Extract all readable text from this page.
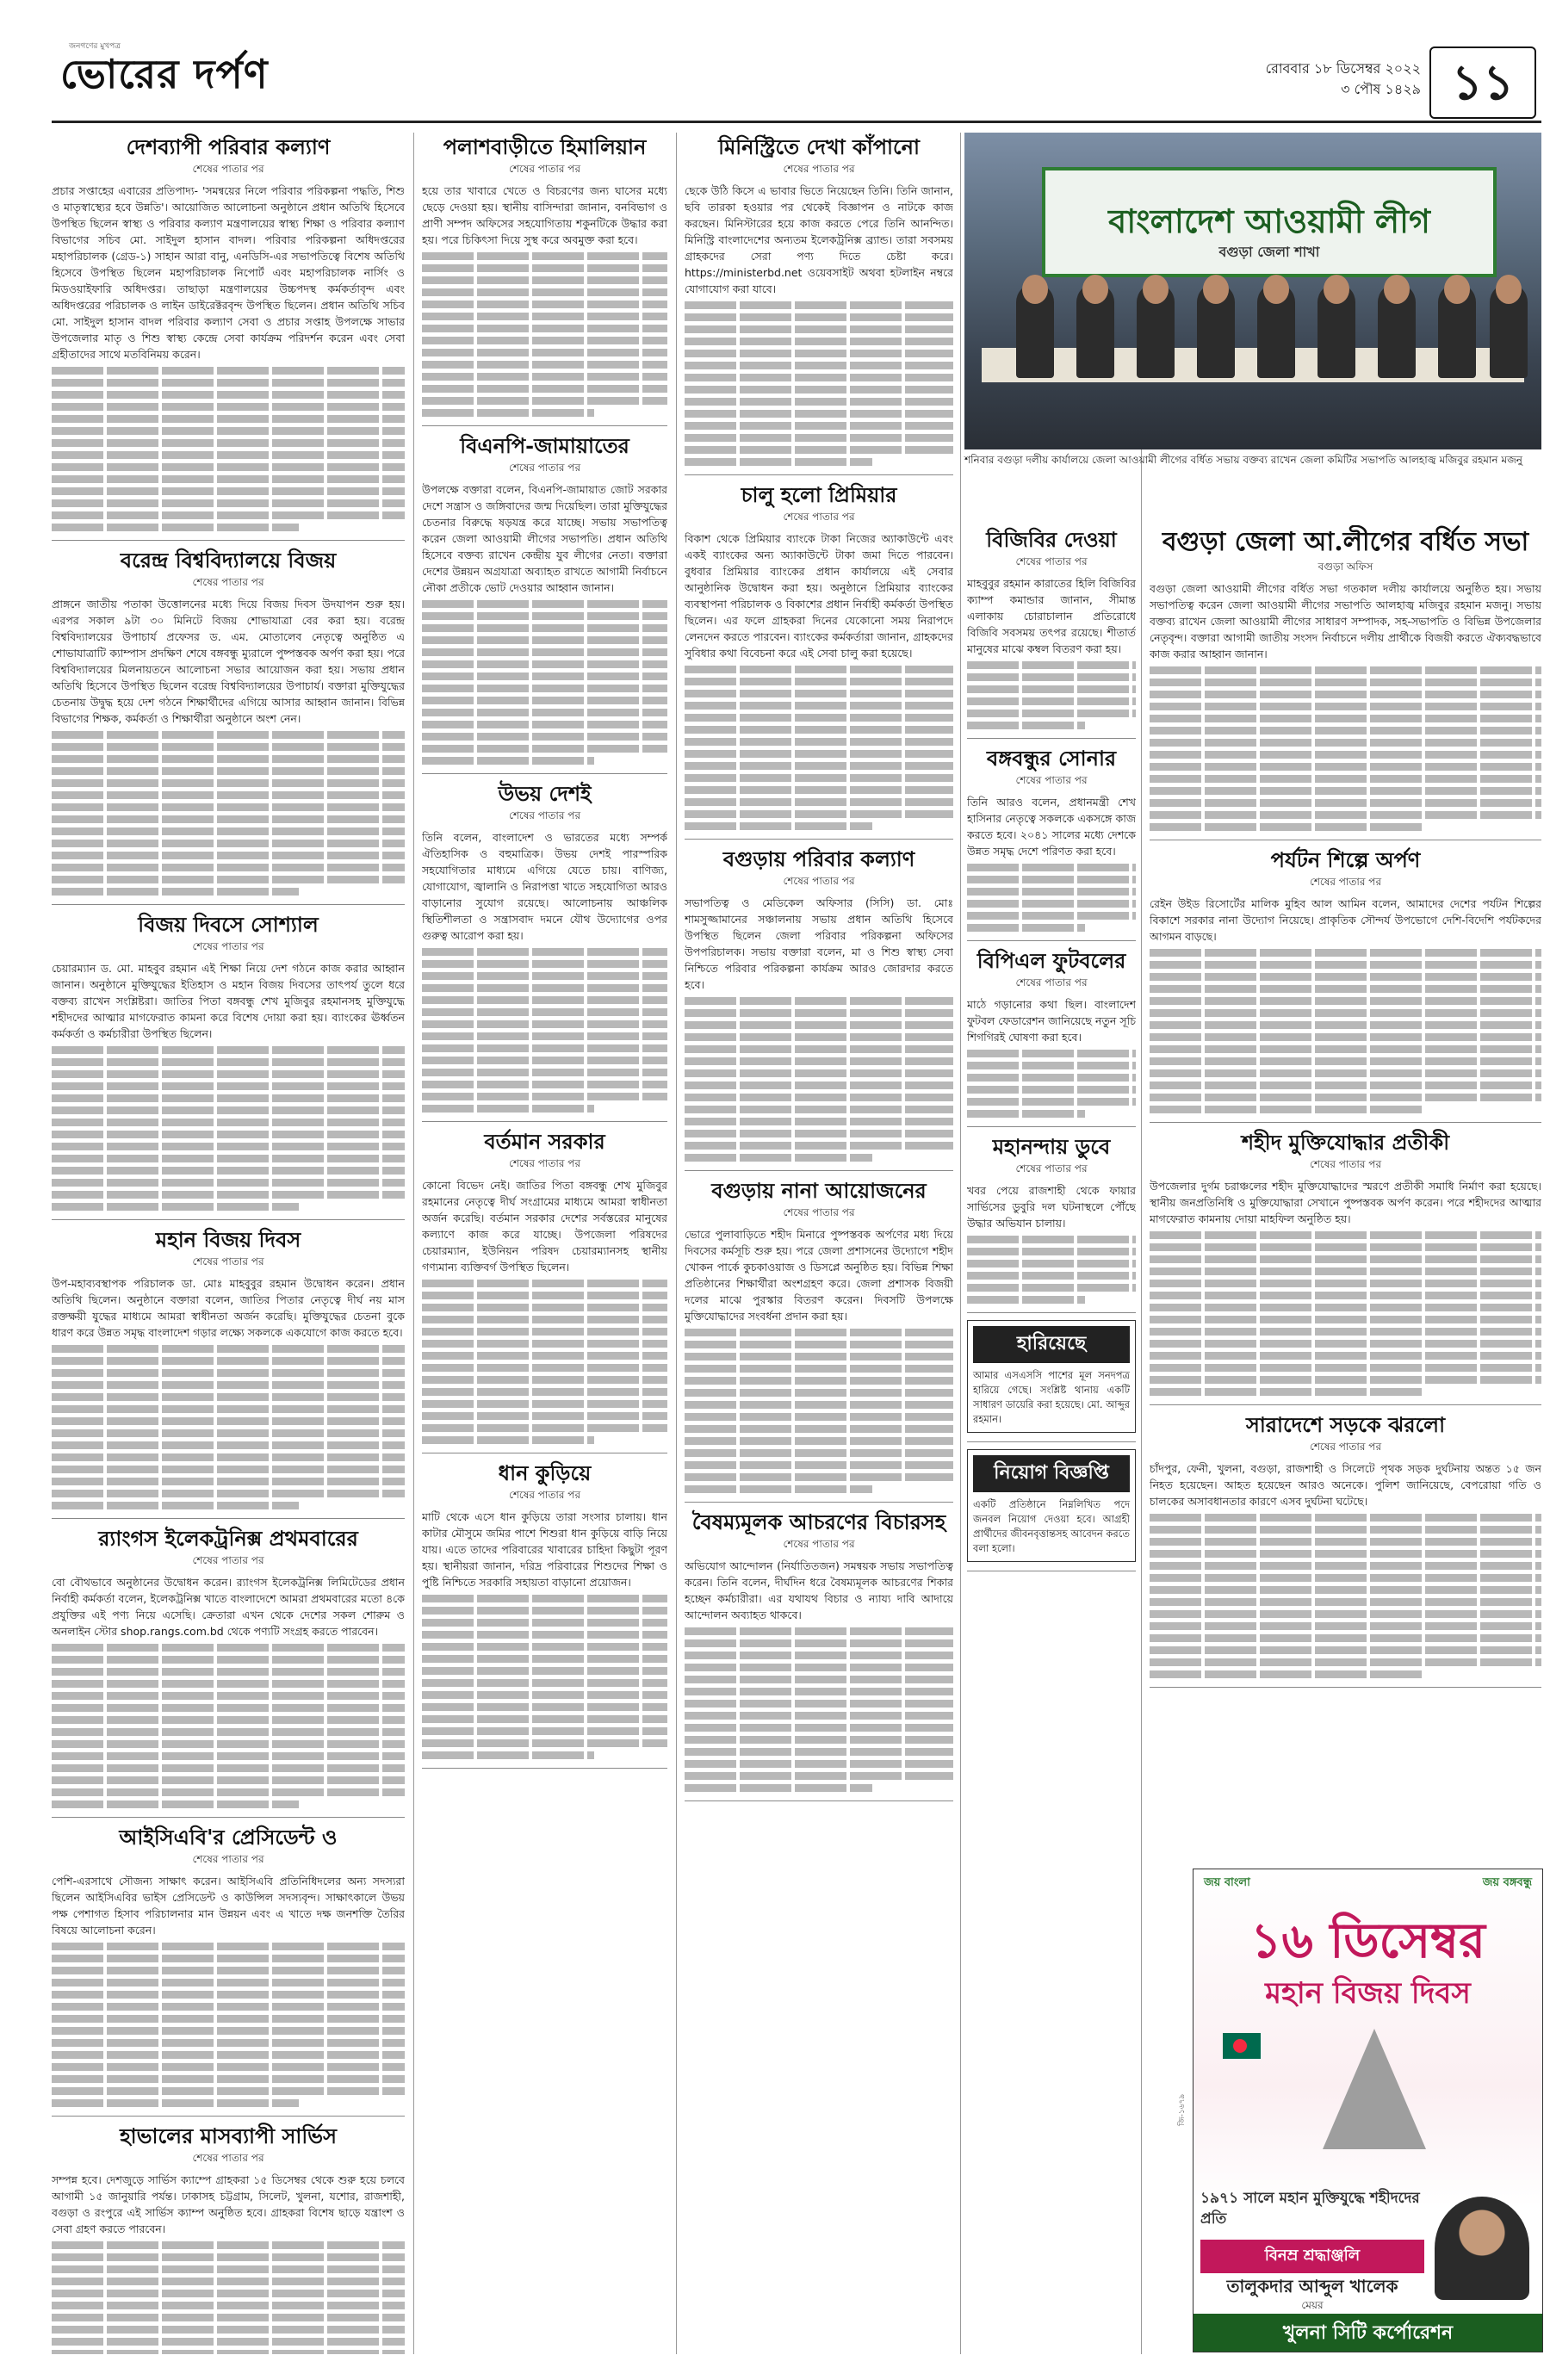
জনগণের মুখপত্র
ভোরের দর্পণ	রোববার ১৮ ডিসেম্বর ২০২২
৩ পৌষ ১৪২৯ ১১
দেশব্যাপী পরিবার কল্যাণ
শেষের পাতার পর
প্রচার সপ্তাহের এবারের প্রতিপাদ্য- 'সমন্বয়ের নিলে পরিবার পরিকল্পনা পদ্ধতি, শিশু ও মাতৃস্বাস্থ্যের হবে উন্নতি'। আয়োজিত আলোচনা অনুষ্ঠানে প্রধান অতিথি হিসেবে উপস্থিত ছিলেন স্বাস্থ্য ও পরিবার কল্যাণ মন্ত্রণালয়ের স্বাস্থ্য শিক্ষা ও পরিবার কল্যাণ বিভাগের সচিব মো. সাইদুল হাসান বাদল। পরিবার পরিকল্পনা অধিদপ্তরের মহাপরিচালক (গ্রেড-১) সাহান আরা বানু, এনডিসি-এর সভাপতিত্বে বিশেষ অতিথি হিসেবে উপস্থিত ছিলেন মহাপরিচালক নিপোর্ট এবং মহাপরিচালক নার্সিং ও মিডওয়াইফারি অধিদপ্তর। তাছাড়া মন্ত্রণালয়ের উচ্চপদস্থ কর্মকর্তাবৃন্দ এবং অধিদপ্তরের পরিচালক ও লাইন ডাইরেক্টরবৃন্দ উপস্থিত ছিলেন। প্রধান অতিথি সচিব মো. সাইদুল হাসান বাদল পরিবার কল্যাণ সেবা ও প্রচার সপ্তাহ উপলক্ষে সাভার উপজেলার মাতৃ ও শিশু স্বাস্থ্য কেন্দ্রে সেবা কার্যক্রম পরিদর্শন করেন এবং সেবা গ্রহীতাদের সাথে মতবিনিময় করেন।
বরেন্দ্র বিশ্ববিদ্যালয়ে বিজয়
শেষের পাতার পর
প্রাঙ্গনে জাতীয় পতাকা উত্তোলনের মধ্যে দিয়ে বিজয় দিবস উদযাপন শুরু হয়। এরপর সকাল ৯টা ৩০ মিনিটে বিজয় শোভাযাত্রা বের করা হয়। বরেন্দ্র বিশ্ববিদ্যালয়ের উপাচার্য প্রফেসর ড. এম. মোতালেব নেতৃত্বে অনুষ্ঠিত এ শোভাযাত্রাটি ক্যাম্পাস প্রদক্ষিণ শেষে বঙ্গবন্ধু ম্যুরালে পুষ্পস্তবক অর্পণ করা হয়। পরে বিশ্ববিদ্যালয়ের মিলনায়তনে আলোচনা সভার আয়োজন করা হয়। সভায় প্রধান অতিথি হিসেবে উপস্থিত ছিলেন বরেন্দ্র বিশ্ববিদ্যালয়ের উপাচার্য। বক্তারা মুক্তিযুদ্ধের চেতনায় উদ্বুদ্ধ হয়ে দেশ গঠনে শিক্ষার্থীদের এগিয়ে আসার আহ্বান জানান। বিভিন্ন বিভাগের শিক্ষক, কর্মকর্তা ও শিক্ষার্থীরা অনুষ্ঠানে অংশ নেন।
বিজয় দিবসে সোশ্যাল
শেষের পাতার পর
চেয়ারম্যান ড. মো. মাহবুব রহমান এই শিক্ষা নিয়ে দেশ গঠনে কাজ করার আহ্বান জানান। অনুষ্ঠানে মুক্তিযুদ্ধের ইতিহাস ও মহান বিজয় দিবসের তাৎপর্য তুলে ধরে বক্তব্য রাখেন সংশ্লিষ্টরা। জাতির পিতা বঙ্গবন্ধু শেখ মুজিবুর রহমানসহ মুক্তিযুদ্ধে শহীদদের আত্মার মাগফেরাত কামনা করে বিশেষ দোয়া করা হয়। ব্যাংকের ঊর্ধ্বতন কর্মকর্তা ও কর্মচারীরা উপস্থিত ছিলেন।
মহান বিজয় দিবস
শেষের পাতার পর
উপ-মহাব্যবস্থাপক পরিচালক ডা. মোঃ মাহবুবুর রহমান উদ্বোধন করেন। প্রধান অতিথি ছিলেন। অনুষ্ঠানে বক্তারা বলেন, জাতির পিতার নেতৃত্বে দীর্ঘ নয় মাস রক্তক্ষয়ী যুদ্ধের মাধ্যমে আমরা স্বাধীনতা অর্জন করেছি। মুক্তিযুদ্ধের চেতনা বুকে ধারণ করে উন্নত সমৃদ্ধ বাংলাদেশ গড়ার লক্ষ্যে সকলকে একযোগে কাজ করতে হবে।
র‍্যাংগস ইলেকট্রনিক্স প্রথমবারের
শেষের পাতার পর
বো বৌথভাবে অনুষ্ঠানের উদ্বোধন করেন। র‍্যাংগস ইলেকট্রনিক্স লিমিটেডের প্রধান নির্বাহী কর্মকর্তা বলেন, ইলেকট্রনিক্স খাতে বাংলাদেশে আমরা প্রথমবারের মতো ৪কে প্রযুক্তির এই পণ্য নিয়ে এসেছি। ক্রেতারা এখন থেকে দেশের সকল শোরুম ও অনলাইন স্টোর shop.rangs.com.bd থেকে পণ্যটি সংগ্রহ করতে পারবেন।
আইসিএবি'র প্রেসিডেন্ট ও
শেষের পাতার পর
পেশি-এরসাথে সৌজন্য সাক্ষাৎ করেন। আইসিএবি প্রতিনিধিদলের অন্য সদস্যরা ছিলেন আইসিএবির ভাইস প্রেসিডেন্ট ও কাউন্সিল সদস্যবৃন্দ। সাক্ষাৎকালে উভয় পক্ষ পেশাগত হিসাব পরিচালনার মান উন্নয়ন এবং এ খাতে দক্ষ জনশক্তি তৈরির বিষয়ে আলোচনা করেন।
হাভালের মাসব্যাপী সার্ভিস
শেষের পাতার পর
সম্পন্ন হবে। দেশজুড়ে সার্ভিস ক্যাম্পে গ্রাহকরা ১৫ ডিসেম্বর থেকে শুরু হয়ে চলবে আগামী ১৫ জানুয়ারি পর্যন্ত। ঢাকাসহ চট্টগ্রাম, সিলেট, খুলনা, যশোর, রাজশাহী, বগুড়া ও রংপুরে এই সার্ভিস ক্যাম্প অনুষ্ঠিত হবে। গ্রাহকরা বিশেষ ছাড়ে যন্ত্রাংশ ও সেবা গ্রহণ করতে পারবেন।
পলাশবাড়ীতে হিমালিয়ান
শেষের পাতার পর
হয়ে তার খাবারে খেতে ও বিচরণের জন্য ঘাসের মধ্যে ছেড়ে দেওয়া হয়। স্থানীয় বাসিন্দারা জানান, বনবিভাগ ও প্রাণী সম্পদ অফিসের সহযোগিতায় শকুনটিকে উদ্ধার করা হয়। পরে চিকিৎসা দিয়ে সুস্থ করে অবমুক্ত করা হবে।
বিএনপি-জামায়াতের
শেষের পাতার পর
উপলক্ষে বক্তারা বলেন, বিএনপি-জামায়াত জোট সরকার দেশে সন্ত্রাস ও জঙ্গিবাদের জন্ম দিয়েছিল। তারা মুক্তিযুদ্ধের চেতনার বিরুদ্ধে ষড়যন্ত্র করে যাচ্ছে। সভায় সভাপতিত্ব করেন জেলা আওয়ামী লীগের সভাপতি। প্রধান অতিথি হিসেবে বক্তব্য রাখেন কেন্দ্রীয় যুব লীগের নেতা। বক্তারা দেশের উন্নয়ন অগ্রযাত্রা অব্যাহত রাখতে আগামী নির্বাচনে নৌকা প্রতীকে ভোট দেওয়ার আহ্বান জানান।
উভয় দেশই
শেষের পাতার পর
তিনি বলেন, বাংলাদেশ ও ভারতের মধ্যে সম্পর্ক ঐতিহাসিক ও বহুমাত্রিক। উভয় দেশই পারস্পরিক সহযোগিতার মাধ্যমে এগিয়ে যেতে চায়। বাণিজ্য, যোগাযোগ, জ্বালানি ও নিরাপত্তা খাতে সহযোগিতা আরও বাড়ানোর সুযোগ রয়েছে। আলোচনায় আঞ্চলিক স্থিতিশীলতা ও সন্ত্রাসবাদ দমনে যৌথ উদ্যোগের ওপর গুরুত্ব আরোপ করা হয়।
বর্তমান সরকার
শেষের পাতার পর
কোনো বিভেদ নেই। জাতির পিতা বঙ্গবন্ধু শেখ মুজিবুর রহমানের নেতৃত্বে দীর্ঘ সংগ্রামের মাধ্যমে আমরা স্বাধীনতা অর্জন করেছি। বর্তমান সরকার দেশের সর্বস্তরের মানুষের কল্যাণে কাজ করে যাচ্ছে। উপজেলা পরিষদের চেয়ারম্যান, ইউনিয়ন পরিষদ চেয়ারম্যানসহ স্থানীয় গণ্যমান্য ব্যক্তিবর্গ উপস্থিত ছিলেন।
ধান কুড়িয়ে
শেষের পাতার পর
মাটি থেকে এসে ধান কুড়িয়ে তারা সংসার চালায়। ধান কাটার মৌসুমে জমির পাশে শিশুরা ধান কুড়িয়ে বাড়ি নিয়ে যায়। এতে তাদের পরিবারের খাবারের চাহিদা কিছুটা পূরণ হয়। স্থানীয়রা জানান, দরিদ্র পরিবারের শিশুদের শিক্ষা ও পুষ্টি নিশ্চিতে সরকারি সহায়তা বাড়ানো প্রয়োজন।
মিনিস্ট্রিতে দেখা কাঁপানো
শেষের পাতার পর
ছেকে উঠি কিসে এ ভাবার ভিতে নিয়েছেন তিনি। তিনি জানান, ছবি তারকা হওয়ার পর থেকেই বিজ্ঞাপন ও নাটকে কাজ করছেন। মিনিস্টারের হয়ে কাজ করতে পেরে তিনি আনন্দিত। মিনিস্ট্রি বাংলাদেশের অন্যতম ইলেকট্রনিক্স ব্র্যান্ড। তারা সবসময় গ্রাহকদের সেরা পণ্য দিতে চেষ্টা করে। https://ministerbd.net ওয়েবসাইট অথবা হটলাইন নম্বরে যোগাযোগ করা যাবে।
চালু হলো প্রিমিয়ার
শেষের পাতার পর
বিকাশ থেকে প্রিমিয়ার ব্যাংকে টাকা নিজের অ্যাকাউন্টে এবং একই ব্যাংকের অন্য অ্যাকাউন্টে টাকা জমা দিতে পারবেন। বুধবার প্রিমিয়ার ব্যাংকের প্রধান কার্যালয়ে এই সেবার আনুষ্ঠানিক উদ্বোধন করা হয়। অনুষ্ঠানে প্রিমিয়ার ব্যাংকের ব্যবস্থাপনা পরিচালক ও বিকাশের প্রধান নির্বাহী কর্মকর্তা উপস্থিত ছিলেন। এর ফলে গ্রাহকরা দিনের যেকোনো সময় নিরাপদে লেনদেন করতে পারবেন। ব্যাংকের কর্মকর্তারা জানান, গ্রাহকদের সুবিধার কথা বিবেচনা করে এই সেবা চালু করা হয়েছে।
বগুড়ায় পরিবার কল্যাণ
শেষের পাতার পর
সভাপতিত্ব ও মেডিকেল অফিসার (সিসি) ডা. মোঃ শামসুজ্জামানের সঞ্চালনায় সভায় প্রধান অতিথি হিসেবে উপস্থিত ছিলেন জেলা পরিবার পরিকল্পনা অফিসের উপপরিচালক। সভায় বক্তারা বলেন, মা ও শিশু স্বাস্থ্য সেবা নিশ্চিতে পরিবার পরিকল্পনা কার্যক্রম আরও জোরদার করতে হবে।
বগুড়ায় নানা আয়োজনের
শেষের পাতার পর
ভোরে পুলাবাড়িতে শহীদ মিনারে পুষ্পস্তবক অর্পণের মধ্য দিয়ে দিবসের কর্মসূচি শুরু হয়। পরে জেলা প্রশাসনের উদ্যোগে শহীদ খোকন পার্কে কুচকাওয়াজ ও ডিসপ্লে অনুষ্ঠিত হয়। বিভিন্ন শিক্ষা প্রতিষ্ঠানের শিক্ষার্থীরা অংশগ্রহণ করে। জেলা প্রশাসক বিজয়ী দলের মাঝে পুরস্কার বিতরণ করেন। দিবসটি উপলক্ষে মুক্তিযোদ্ধাদের সংবর্ধনা প্রদান করা হয়।
বৈষম্যমূলক আচরণের বিচারসহ
শেষের পাতার পর
অভিযোগ আন্দোলন (নির্যাতিতজন) সমন্বয়ক সভায় সভাপতিত্ব করেন। তিনি বলেন, দীর্ঘদিন ধরে বৈষম্যমূলক আচরণের শিকার হচ্ছেন কর্মচারীরা। এর যথাযথ বিচার ও ন্যায্য দাবি আদায়ে আন্দোলন অব্যাহত থাকবে।
বাংলাদেশ আওয়ামী লীগ
বগুড়া জেলা শাখা
শনিবার বগুড়া দলীয় কার্যালয়ে জেলা আওয়ামী লীগের বর্ধিত সভায় বক্তব্য রাখেন জেলা কমিটির সভাপতি আলহাজ্ব মজিবুর রহমান মজনু
বিজিবির দেওয়া
শেষের পাতার পর
মাহবুবুর রহমান কারাতের হিলি বিজিবির ক্যাম্প কমান্ডার জানান, সীমান্ত এলাকায় চোরাচালান প্রতিরোধে বিজিবি সবসময় তৎপর রয়েছে। শীতার্ত মানুষের মাঝে কম্বল বিতরণ করা হয়।
বঙ্গবন্ধুর সোনার
শেষের পাতার পর
তিনি আরও বলেন, প্রধানমন্ত্রী শেখ হাসিনার নেতৃত্বে সকলকে একসঙ্গে কাজ করতে হবে। ২০৪১ সালের মধ্যে দেশকে উন্নত সমৃদ্ধ দেশে পরিণত করা হবে।
বিপিএল ফুটবলের
শেষের পাতার পর
মাঠে গড়ানোর কথা ছিল। বাংলাদেশ ফুটবল ফেডারেশন জানিয়েছে নতুন সূচি শিগগিরই ঘোষণা করা হবে।
মহানন্দায় ডুবে
শেষের পাতার পর
খবর পেয়ে রাজশাহী থেকে ফায়ার সার্ভিসের ডুবুরি দল ঘটনাস্থলে পৌঁছে উদ্ধার অভিযান চালায়।
হারিয়েছে
আমার এসএসসি পাশের মূল সনদপত্র হারিয়ে গেছে। সংশ্লিষ্ট থানায় একটি সাধারণ ডায়েরি করা হয়েছে। মো. আব্দুর রহমান।
নিয়োগ বিজ্ঞপ্তি
একটি প্রতিষ্ঠানে নিম্নলিখিত পদে জনবল নিয়োগ দেওয়া হবে। আগ্রহী প্রার্থীদের জীবনবৃত্তান্তসহ আবেদন করতে বলা হলো।
বগুড়া জেলা আ.লীগের বর্ধিত সভা
বগুড়া অফিস
বগুড়া জেলা আওয়ামী লীগের বর্ধিত সভা গতকাল দলীয় কার্যালয়ে অনুষ্ঠিত হয়। সভায় সভাপতিত্ব করেন জেলা আওয়ামী লীগের সভাপতি আলহাজ্ব মজিবুর রহমান মজনু। সভায় বক্তব্য রাখেন জেলা আওয়ামী লীগের সাধারণ সম্পাদক, সহ-সভাপতি ও বিভিন্ন উপজেলার নেতৃবৃন্দ। বক্তারা আগামী জাতীয় সংসদ নির্বাচনে দলীয় প্রার্থীকে বিজয়ী করতে ঐক্যবদ্ধভাবে কাজ করার আহ্বান জানান।
পর্যটন শিল্পে অর্পণ
শেষের পাতার পর
রেইন উইড রিসোর্টের মালিক মুহিব আল আমিন বলেন, আমাদের দেশের পর্যটন শিল্পের বিকাশে সরকার নানা উদ্যোগ নিয়েছে। প্রাকৃতিক সৌন্দর্য উপভোগে দেশি-বিদেশি পর্যটকদের আগমন বাড়ছে।
শহীদ মুক্তিযোদ্ধার প্রতীকী
শেষের পাতার পর
উপজেলার দুর্গম চরাঞ্চলের শহীদ মুক্তিযোদ্ধাদের স্মরণে প্রতীকী সমাধি নির্মাণ করা হয়েছে। স্থানীয় জনপ্রতিনিধি ও মুক্তিযোদ্ধারা সেখানে পুষ্পস্তবক অর্পণ করেন। পরে শহীদদের আত্মার মাগফেরাত কামনায় দোয়া মাহফিল অনুষ্ঠিত হয়।
সারাদেশে সড়কে ঝরলো
শেষের পাতার পর
চাঁদপুর, ফেনী, খুলনা, বগুড়া, রাজশাহী ও সিলেটে পৃথক সড়ক দুর্ঘটনায় অন্তত ১৫ জন নিহত হয়েছেন। আহত হয়েছেন আরও অনেকে। পুলিশ জানিয়েছে, বেপরোয়া গতি ও চালকের অসাবধানতার কারণে এসব দুর্ঘটনা ঘটেছে।
জি-১৬৭৯
জয় বাংলা	জয় বঙ্গবন্ধু
১৬ ডিসেম্বর
মহান বিজয় দিবস
১৯৭১ সালে মহান মুক্তিযুদ্ধে শহীদদের প্রতি
বিনম্র শ্রদ্ধাঞ্জলি
তালুকদার আব্দুল খালেক
মেয়র
খুলনা সিটি কর্পোরেশন
